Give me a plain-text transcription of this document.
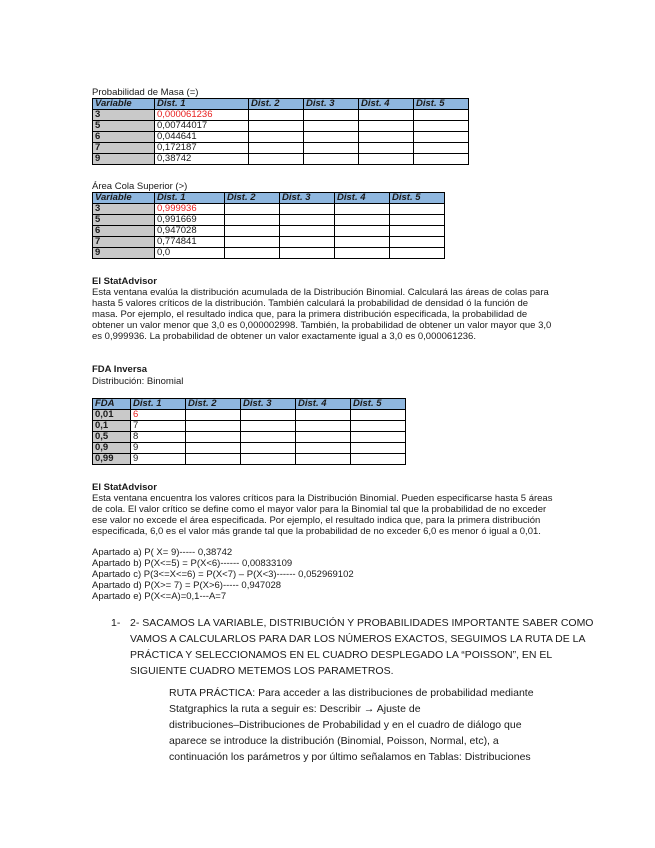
Probabilidad de Masa (=)
Variable	Dist. 1	Dist. 2	Dist. 3	Dist. 4	Dist. 5
3	0,000061236				
5	0,00744017				
6	0,044641				
7	0,172187				
9	0,38742				
Área Cola Superior (>)
Variable	Dist. 1	Dist. 2	Dist. 3	Dist. 4	Dist. 5
3	0,999936				
5	0,991669				
6	0,947028				
7	0,774841				
9	0,0				
El StatAdvisor
Esta ventana evalúa la distribución acumulada de la Distribución Binomial. Calculará las áreas de colas para
hasta 5 valores críticos de la distribución. También calculará la probabilidad de densidad ó la función de
masa. Por ejemplo, el resultado indica que, para la primera distribución especificada, la probabilidad de
obtener un valor menor que 3,0 es 0,000002998. También, la probabilidad de obtener un valor mayor que 3,0
es 0,999936. La probabilidad de obtener un valor exactamente igual a 3,0 es 0,000061236.
FDA Inversa
Distribución: Binomial
FDA	Dist. 1	Dist. 2	Dist. 3	Dist. 4	Dist. 5
0,01	6				
0,1	7				
0,5	8				
0,9	9				
0,99	9				
El StatAdvisor
Esta ventana encuentra los valores críticos para la Distribución Binomial. Pueden especificarse hasta 5 áreas
de cola. El valor crítico se define como el mayor valor para la Binomial tal que la probabilidad de no exceder
ese valor no excede el área especificada. Por ejemplo, el resultado indica que, para la primera distribución
especificada, 6,0 es el valor más grande tal que la probabilidad de no exceder 6,0 es menor ó igual a 0,01.
Apartado a) P( X= 9)----- 0,38742
Apartado b) P(X<=5) = P(X<6)------ 0,00833109
Apartado c) P(3<=X<=6) = P(X<7) – P(X<3)------ 0,052969102
Apartado d) P(X>= 7) = P(X>6)----- 0,947028
Apartado e) P(X<=A)=0,1---A=7
1- 2- SACAMOS LA VARIABLE, DISTRIBUCIÓN Y PROBABILIDADES IMPORTANTE SABER COMO
VAMOS A CALCULARLOS PARA DAR LOS NÚMEROS EXACTOS, SEGUIMOS LA RUTA DE LA
PRÁCTICA Y SELECCIONAMOS EN EL CUADRO DESPLEGADO LA “POISSON”, EN EL
SIGUIENTE CUADRO METEMOS LOS PARAMETROS.
RUTA PRÁCTICA: Para acceder a las distribuciones de probabilidad mediante
Statgraphics la ruta a seguir es: Describir → Ajuste de
distribuciones–Distribuciones de Probabilidad y en el cuadro de diálogo que
aparece se introduce la distribución (Binomial, Poisson, Normal, etc), a
continuación los parámetros y por último señalamos en Tablas: Distribuciones
